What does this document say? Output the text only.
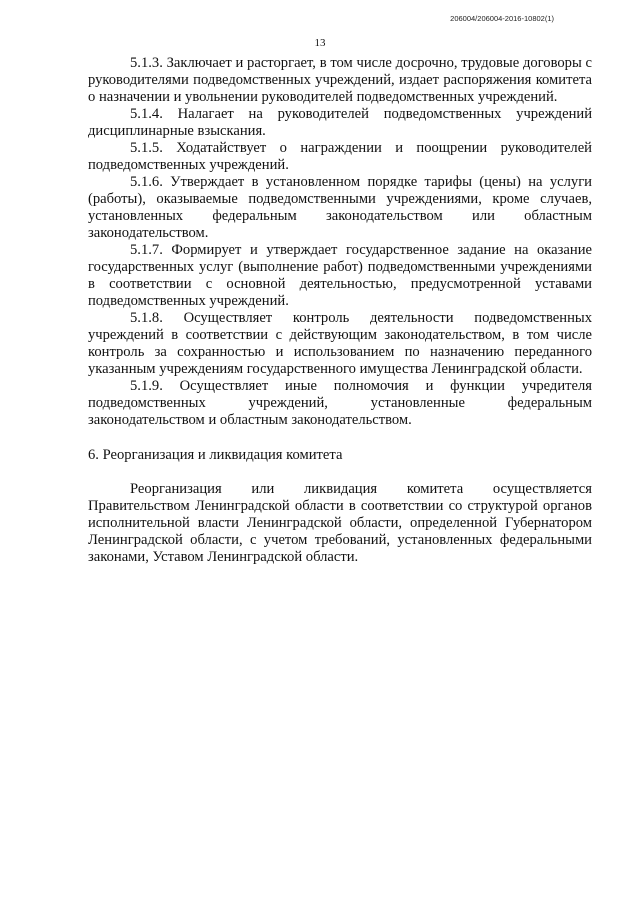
206004/206004-2016-10802(1)
13

5.1.3. Заключает и расторгает, в том числе досрочно, трудовые договоры с руководителями подведомственных учреждений, издает распоряжения комитета о назначении и увольнении руководителей подведомственных учреждений.

5.1.4. Налагает на руководителей подведомственных учреждений дисциплинарные взыскания.

5.1.5. Ходатайствует о награждении и поощрении руководителей подведомственных учреждений.

5.1.6. Утверждает в установленном порядке тарифы (цены) на услуги (работы), оказываемые подведомственными учреждениями, кроме случаев, установленных федеральным законодательством или областным законодательством.

5.1.7. Формирует и утверждает государственное задание на оказание государственных услуг (выполнение работ) подведомственными учреждениями в соответствии с основной деятельностью, предусмотренной уставами подведомственных учреждений.

5.1.8. Осуществляет контроль деятельности подведомственных учреждений в соответствии с действующим законодательством, в том числе контроль за сохранностью и использованием по назначению переданного указанным учреждениям государственного имущества Ленинградской области.

5.1.9. Осуществляет иные полномочия и функции учредителя подведомственных учреждений, установленные федеральным законодательством и областным законодательством.

6. Реорганизация и ликвидация комитета

Реорганизация или ликвидация комитета осуществляется Правительством Ленинградской области в соответствии со структурой органов исполнительной власти Ленинградской области, определенной Губернатором Ленинградской области, с учетом требований, установленных федеральными законами, Уставом Ленинградской области.
